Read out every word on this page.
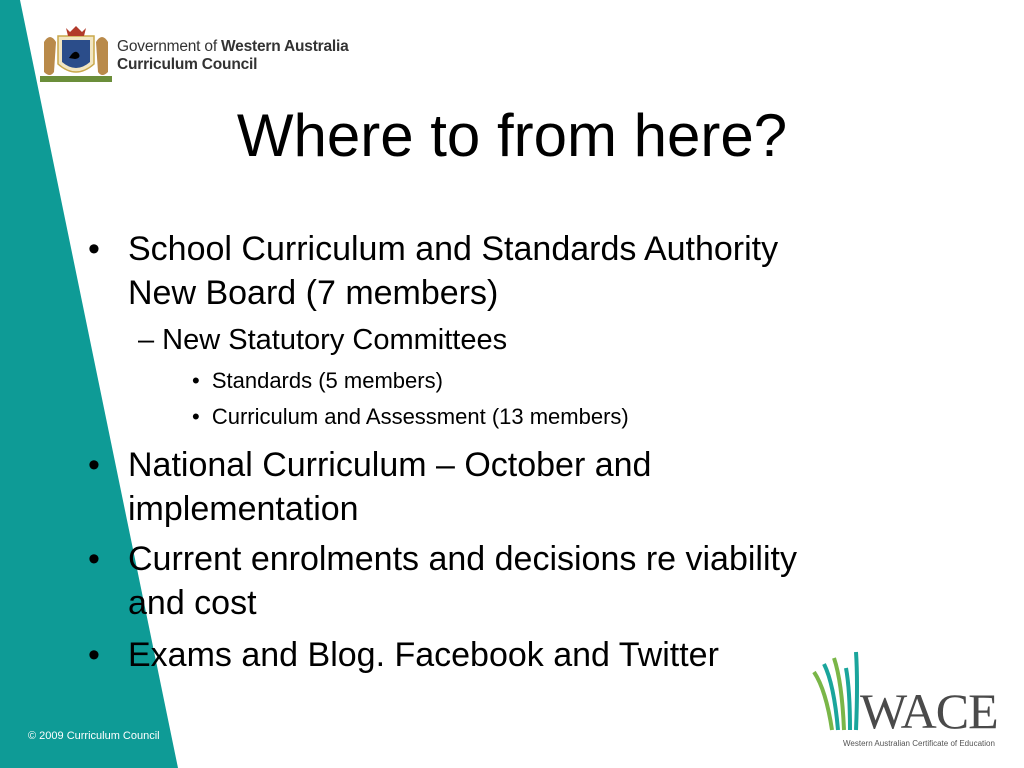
Government of Western Australia
Curriculum Council
Where to from here?
• School Curriculum and Standards Authority
New Board (7 members)
– New Statutory Committees
• Standards (5 members)
• Curriculum and Assessment (13 members)
• National Curriculum – October and
implementation
• Current enrolments and decisions re viability
and cost
• Exams and Blog. Facebook and Twitter
© 2009 Curriculum Council	WACE
Western Australian Certificate of Education
